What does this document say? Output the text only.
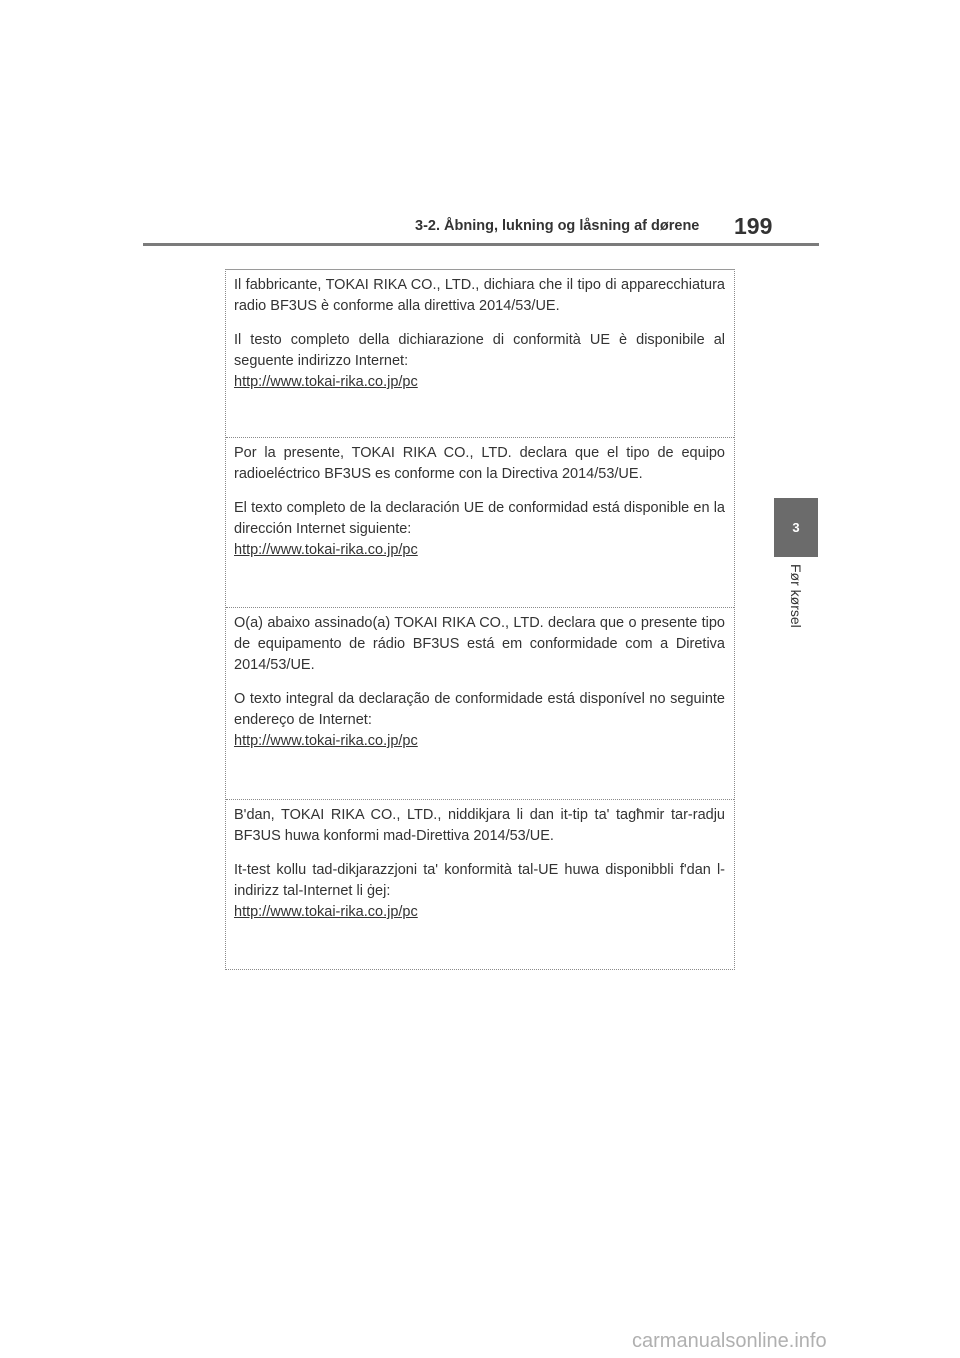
3-2. Åbning, lukning og låsning af dørene 199
3
Før kørsel

Il fabbricante, TOKAI RIKA CO., LTD., dichiara che il tipo di apparecchiatura radio BF3US è conforme alla direttiva 2014/53/UE.

Il testo completo della dichiarazione di conformità UE è disponibile al seguente indirizzo Internet:

http://www.tokai-rika.co.jp/pc

Por la presente, TOKAI RIKA CO., LTD. declara que el tipo de equipo radioeléctrico BF3US es conforme con la Directiva 2014/53/UE.

El texto completo de la declaración UE de conformidad está disponible en la dirección Internet siguiente:

http://www.tokai-rika.co.jp/pc

O(a) abaixo assinado(a) TOKAI RIKA CO., LTD. declara que o presente tipo de equipamento de rádio BF3US está em conformidade com a Diretiva 2014/53/UE.

O texto integral da declaração de conformidade está disponível no seguinte endereço de Internet:

http://www.tokai-rika.co.jp/pc

B'dan, TOKAI RIKA CO., LTD., niddikjara li dan it-tip ta' tagħmir tar-radju BF3US huwa konformi mad-Direttiva 2014/53/UE.

It-test kollu tad-dikjarazzjoni ta' konformità tal-UE huwa disponibbli f'dan l-indirizz tal-Internet li ġej:

http://www.tokai-rika.co.jp/pc
carmanualsonline.info
